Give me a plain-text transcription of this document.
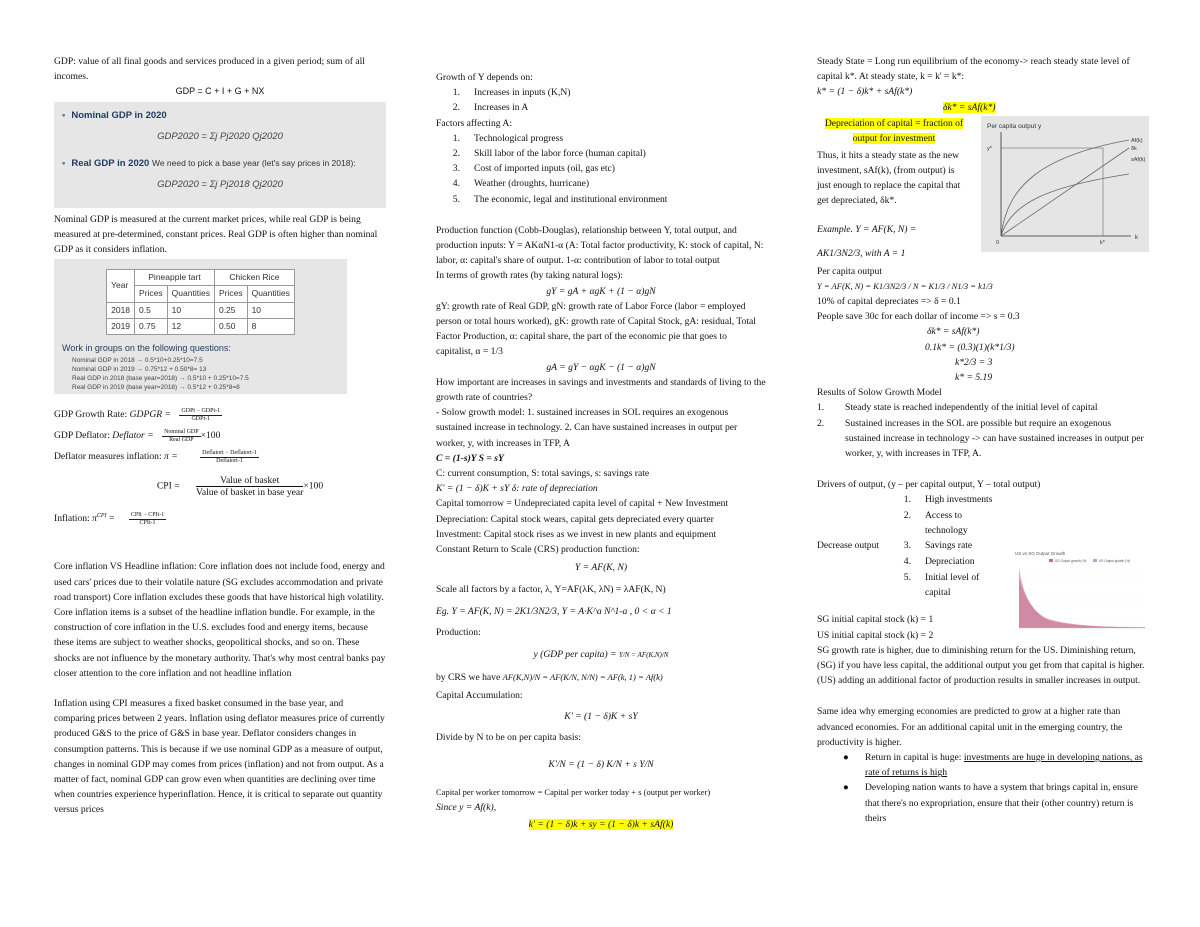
GDP: value of all final goods and services produced in a given period; sum of all incomes.

GDP = C + I + G + NX

• Nominal GDP in 2020
GDP2020 = Σj Pj2020 Qj2020
• Real GDP in 2020 We need to pick a base year (let's say prices in 2018):
GDP2020 = Σj Pj2018 Qj2020

Nominal GDP is measured at the current market prices, while real GDP is being measured at pre-determined, constant prices. Real GDP is often higher than nominal GDP as it considers inflation.

Year	Pineapple tart		Chicken Rice	
	Prices	Quantities	Prices	Quantities
2018	0.5	10	0.25	10
2019	0.75	12	0.50	8
Work in groups on the following questions:
Nominal GDP in 2018 → 0.5*10+0.25*10=7.5
Nominal GDP in 2019 → 0.75*12 + 0.50*8= 13
Real GDP in 2018 (base year=2018) → 0.5*10 + 0.25*10=7.5
Real GDP in 2019 (base year=2018) → 0.5*12 + 0.25*8=8

GDP Growth Rate: GDPGR = $\frac{\text{GDPt − GDPt-1}}{\text{GDPt-1}}$

GDP Deflator: Deflator = $\frac{\text{Nominal GDP}}{\text{Real GDP}} \times 100$

Deflator measures inflation: π =	$\frac{\text{Deflatort − Deflatort-1}}{\text{Deflatort-1}}$

CPI = $\frac{\text{Value of basket}}{\text{Value of basket in base year}} \times 100$

Inflation: $\pi^{CPI} = \frac{\text{CPIt − CPIt-1}}{\text{CPIt-1}}$

Core inflation VS Headline inflation: Core inflation does not include food, energy and used cars' prices due to their volatile nature (SG excludes accommodation and private road transport) Core inflation excludes these goods that have historical high volatility. Core inflation items is a subset of the headline inflation bundle. For example, in the construction of core inflation in the U.S. excludes food and energy items, because these items are subject to weather shocks, geopolitical shocks, and so on. These shocks are not influence by the monetary authority. That's why most central banks pay closer attention to the core inflation and not headline inflation

Inflation using CPI measures a fixed basket consumed in the base year, and comparing prices between 2 years. Inflation using deflator measures price of currently produced G&S to the price of G&S in base year. Deflator considers changes in consumption patterns. This is because if we use nominal GDP as a measure of output, changes in nominal GDP may comes from prices (inflation) and not from output. As a matter of fact, nominal GDP can grow even when quantities are declining over time when countries experience hyperinflation. Hence, it is critical to separate out quantity versus prices

Growth of Y depends on:

1.	Increases in inputs (K,N)
2.	Increases in A

Factors affecting A:

1.	Technological progress
2.	Skill labor of the labor force (human capital)
3.	Cost of imported inputs (oil, gas etc)
4.	Weather (droughts, hurricane)
5.	The economic, legal and institutional environment

Production function (Cobb-Douglas), relationship between Y, total output, and production inputs: Y = AKαN1-α (A: Total factor productivity, K: stock of capital, N: labor, α: capital's share of output. 1-α: contribution of labor to total output

In terms of growth rates (by taking natural logs):

gY = gA + αgK + (1 − α)gN

gY: growth rate of Real GDP, gN: growth rate of Labor Force (labor = employed person or total hours worked), gK: growth rate of Capital Stock, gA: residual, Total Factor Production, α: capital share, the part of the economic pie that goes to capitalist, α = 1/3

gA = gY − αgK − (1 − α)gN

How important are increases in savings and investments and standards of living to the growth rate of countries?

- Solow growth model: 1. sustained increases in SOL requires an exogenous sustained increase in technology. 2. Can have sustained increases in output per worker, y, with increases in TFP, A

C = (1-s)Y S = sY

C: current consumption, S: total savings, s: savings rate

K' = (1 − δ)K + sY δ: rate of depreciation

Capital tomorrow = Undepreciated capita level of capital + New Investment

Depreciation: Capital stock wears, capital gets depreciated every quarter

Investment: Capital stock rises as we invest in new plants and equipment

Constant Return to Scale (CRS) production function:

Y = AF(K, N)

Scale all factors by a factor, λ, Y=AF(λK, λN) = λAF(K, N)

Eg. Y = AF(K, N) = 2K1/3N2/3, Y = A·K^a N^1-a , 0 < α < 1

Production:

y (GDP per capita) = Y/N = AF(K,N)/N

by CRS we have AF(K,N)/N = AF(K/N, N/N) = AF(k, 1) = Af(k)

Capital Accumulation:

K' = (1 − δ)K + sY

Divide by N to be on per capita basis:

K'/N = (1 − δ) K/N + s Y/N

Capital per worker tomorrow = Capital per worker today + s (output per worker)

Since y = Af(k),

k' = (1 − δ)k + sy = (1 − δ)k + sAf(k)

Steady State = Long run equilibrium of the economy-> reach steady state level of capital k*. At steady state, k = k' = k*:

k* = (1 − δ)k* + sAf(k*)

δk* = sAf(k*)
Depreciation of capital = fraction of output for investment
Thus, it hits a steady state as the new investment, sAf(k), (from output) is just enough to replace the capital that get depreciated, δk*.
Example. Y = AF(K, N) =
Per capita output y
k
0
y*
k*
Af(k)
δk
sAf(k)

AK1/3N2/3, with A = 1

Per capita output

Y = AF(K, N) = K1/3N2/3 / N = K1/3 / N1/3 = k1/3

10% of capital depreciates => δ = 0.1

People save 30c for each dollar of income => s = 0.3

δk* = sAf(k*)

0.1k* = (0.3)(1)(k*1/3)

k*2/3 = 3

k* = 5.19

Results of Solow Growth Model

1.	Steady state is reached independently of the initial level of capital
2.	Sustained increases in the SOL are possible but require an exogenous sustained increase in technology -> can have sustained increases in output per worker, y, with increases in TFP, A.

Drivers of output, (y – per capital output, Y – total output)

1.	High investments
2.	Access to technology
3.	Savings rate
Decrease output
4.	Depreciation
5.	Initial level of capital
US vs SG Output Growth
SG Output growth (%)	US Output growth (%)

SG initial capital stock (k) = 1

US initial capital stock (k) = 2

SG growth rate is higher, due to diminishing return for the US. Diminishing return, (SG) if you have less capital, the additional output you get from that capital is higher. (US) adding an additional factor of production results in smaller increases in output.

Same idea why emerging economies are predicted to grow at a higher rate than advanced economies. For an additional capital unit in the emerging country, the productivity is higher.

●	Return in capital is huge: investments are huge in developing nations, as rate of returns is high
●	Developing nation wants to have a system that brings capital in, ensure that there's no expropriation, ensure that their (other country) return is theirs
